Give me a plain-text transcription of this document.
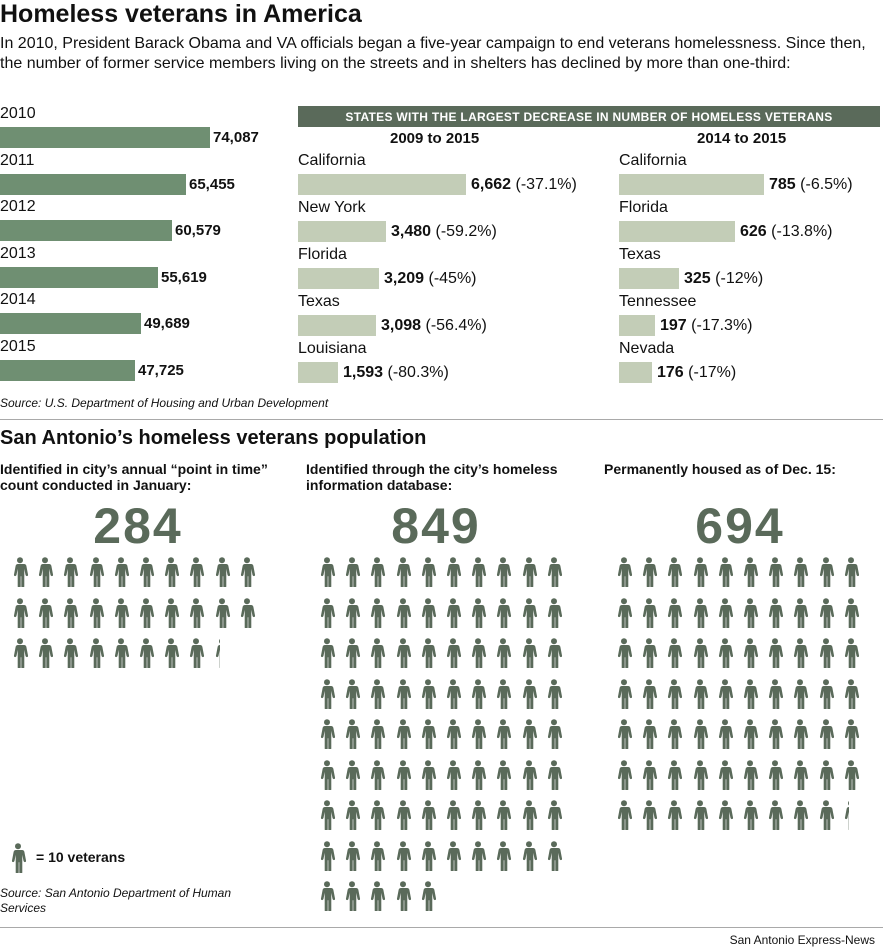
Homeless veterans in America
In 2010, President Barack Obama and VA officials began a five-year campaign to end veterans homelessness. Since then, the number of former service members living on the streets and in shelters has declined by more than one-third:
2010
74,087
2011
65,455
2012
60,579
2013
55,619
2014
49,689
2015
47,725
Source: U.S. Department of Housing and Urban Development
STATES WITH THE LARGEST DECREASE IN NUMBER OF HOMELESS VETERANS
2009 to 2015
California
6,662 (-37.1%)
New York
3,480 (-59.2%)
Florida
3,209 (-45%)
Texas
3,098 (-56.4%)
Louisiana
1,593 (-80.3%)
2014 to 2015
California
785 (-6.5%)
Florida
626 (-13.8%)
Texas
325 (-12%)
Tennessee
197 (-17.3%)
Nevada
176 (-17%)
San Antonio’s homeless veterans population
Identified in city’s annual “point in time” count conducted in January:
Identified through the city’s homeless information database:
Permanently housed as of Dec. 15:
284	849	694
= 10 veterans
Source: San Antonio Department of Human Services
San Antonio Express-News
